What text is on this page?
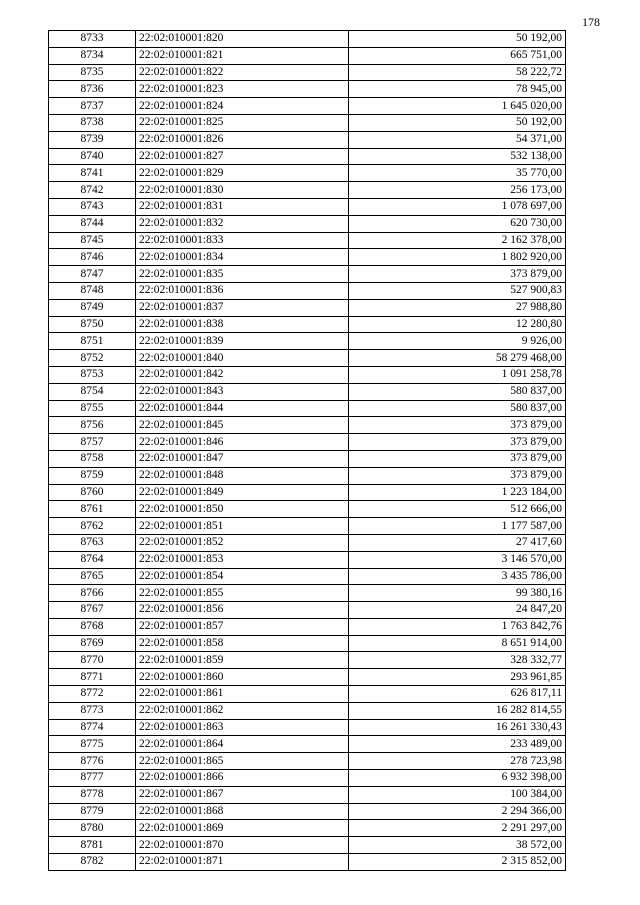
178
8733	22:02:010001:820	50 192,00
8734	22:02:010001:821	665 751,00
8735	22:02:010001:822	58 222,72
8736	22:02:010001:823	78 945,00
8737	22:02:010001:824	1 645 020,00
8738	22:02:010001:825	50 192,00
8739	22:02:010001:826	54 371,00
8740	22:02:010001:827	532 138,00
8741	22:02:010001:829	35 770,00
8742	22:02:010001:830	256 173,00
8743	22:02:010001:831	1 078 697,00
8744	22:02:010001:832	620 730,00
8745	22:02:010001:833	2 162 378,00
8746	22:02:010001:834	1 802 920,00
8747	22:02:010001:835	373 879,00
8748	22:02:010001:836	527 900,83
8749	22:02:010001:837	27 988,80
8750	22:02:010001:838	12 280,80
8751	22:02:010001:839	9 926,00
8752	22:02:010001:840	58 279 468,00
8753	22:02:010001:842	1 091 258,78
8754	22:02:010001:843	580 837,00
8755	22:02:010001:844	580 837,00
8756	22:02:010001:845	373 879,00
8757	22:02:010001:846	373 879,00
8758	22:02:010001:847	373 879,00
8759	22:02:010001:848	373 879,00
8760	22:02:010001:849	1 223 184,00
8761	22:02:010001:850	512 666,00
8762	22:02:010001:851	1 177 587,00
8763	22:02:010001:852	27 417,60
8764	22:02:010001:853	3 146 570,00
8765	22:02:010001:854	3 435 786,00
8766	22:02:010001:855	99 380,16
8767	22:02:010001:856	24 847,20
8768	22:02:010001:857	1 763 842,76
8769	22:02:010001:858	8 651 914,00
8770	22:02:010001:859	328 332,77
8771	22:02:010001:860	293 961,85
8772	22:02:010001:861	626 817,11
8773	22:02:010001:862	16 282 814,55
8774	22:02:010001:863	16 261 330,43
8775	22:02:010001:864	233 489,00
8776	22:02:010001:865	278 723,98
8777	22:02:010001:866	6 932 398,00
8778	22:02:010001:867	100 384,00
8779	22:02:010001:868	2 294 366,00
8780	22:02:010001:869	2 291 297,00
8781	22:02:010001:870	38 572,00
8782	22:02:010001:871	2 315 852,00
